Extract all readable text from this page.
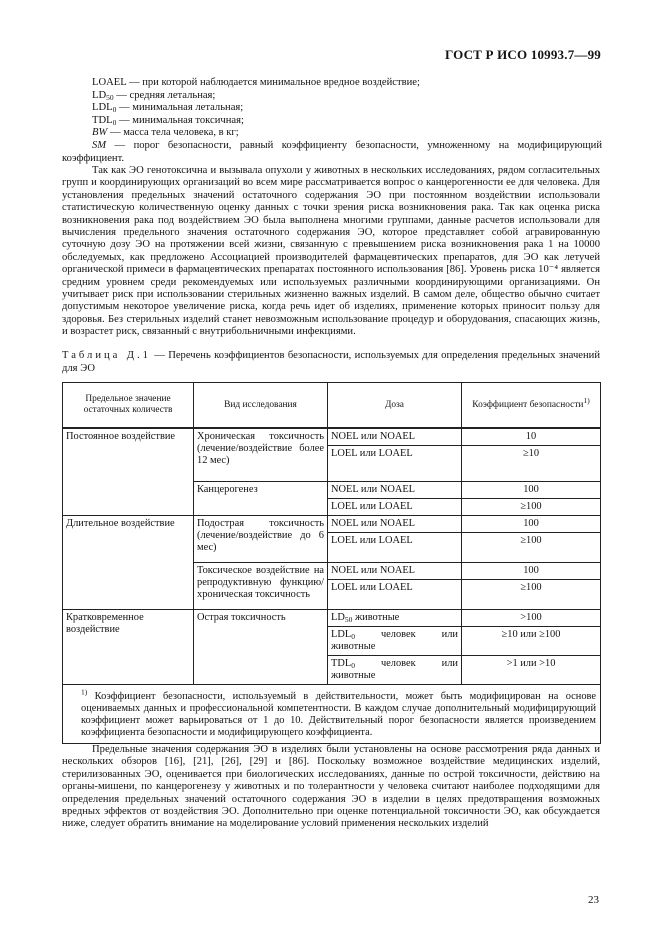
ГОСТ Р ИСО 10993.7—99
LOAEL — при которой наблюдается минимальное вредное воздействие;
$LD_{50}$ — средняя летальная;
$LDL_0$ — минимальная летальная;
$TDL_0$ — минимальная токсичная;
BW — масса тела человека, в кг;
SM — порог безопасности, равный коэффициенту безопасности, умноженному на модифицирующий коэффициент.
Так как ЭО генотоксична и вызывала опухоли у животных в нескольких исследованиях, рядом согласительных групп и координирующих организаций во всем мире рассматривается вопрос о канцерогенности ее для человека. Для установления предельных значений остаточного содержания ЭО при постоянном воздействии использовали статистическую количественную оценку данных с точки зрения риска возникновения рака. Так как оценка риска возникновения рака под воздействием ЭО была выполнена многими группами, данные расчетов использовали для вычисления предельного значения остаточного содержания ЭО, которое представляет собой агравированную суточную дозу ЭО на протяжении всей жизни, связанную с превышением риска возникновения рака 1 на 10000 обследуемых, как предложено Ассоциацией производителей фармацевтических препаратов, для ЭО как летучей органической примеси в фармацевтических препаратах постоянного использования [86]. Уровень риска 10⁻⁴ является средним уровнем среди рекомендуемых или используемых различными координирующими организациями. Он учитывает риск при использовании стерильных жизненно важных изделий. В самом деле, общество обычно считает допустимым некоторое увеличение риска, когда речь идет об изделиях, применение которых приносит пользу для здоровья. Без стерильных изделий станет невозможным использование процедур и оборудования, спасающих жизнь, и возрастет риск, связанный с внутрибольничными инфекциями.
Таблица Д.1 — Перечень коэффициентов безопасности, используемых для определения предельных значений для ЭО
Предельное значение остаточных количеств	Вид исследования	Доза	Коэффициент безопасности$^{1)}$
Постоянное воздействие	Хроническая токсичность (лечение/воздействие более 12 мес)	NOEL или NOAEL	10
		LOEL или LOAEL	≥10
	Канцерогенез	NOEL или NOAEL	100
		LOEL или LOAEL	≥100
Длительное воздействие	Подострая токсичность (лечение/воздействие до 6 мес)	NOEL или NOAEL	100
		LOEL или LOAEL	≥100
	Токсическое воздействие на репродуктивную функцию/хроническая токсичность	NOEL или NOAEL	100
		LOEL или LOAEL	≥100
Кратковременное воздействие	Острая токсичность	$LD_{50}$ животные	>100
		$LDL_0$ человек или животные	≥10 или ≥100
		$TDL_0$ человек или животные	>1 или >10
$^{1)}$ Коэффициент безопасности, используемый в действительности, может быть модифицирован на основе оцениваемых данных и профессиональной компетентности. В каждом случае дополнительный модифицирующий коэффициент может варьироваться от 1 до 10. Действительный порог безопасности является произведением коэффициента безопасности и модифицирующего коэффициента.			
Предельные значения содержания ЭО в изделиях были установлены на основе рассмотрения ряда данных и нескольких обзоров [16], [21], [26], [29] и [86]. Поскольку возможное воздействие медицинских изделий, стерилизованных ЭО, оценивается при биологических исследованиях, данные по острой токсичности, действию на органы-мишени, по канцерогенезу у животных и по толерантности у человека считают наиболее подходящими для определения предельных значений остаточного содержания ЭО в изделии в целях предотвращения возможных вредных эффектов от воздействия ЭО. Дополнительно при оценке потенциальной токсичности ЭО, как обсуждается ниже, следует обратить внимание на моделирование условий применения нескольких изделий
23
